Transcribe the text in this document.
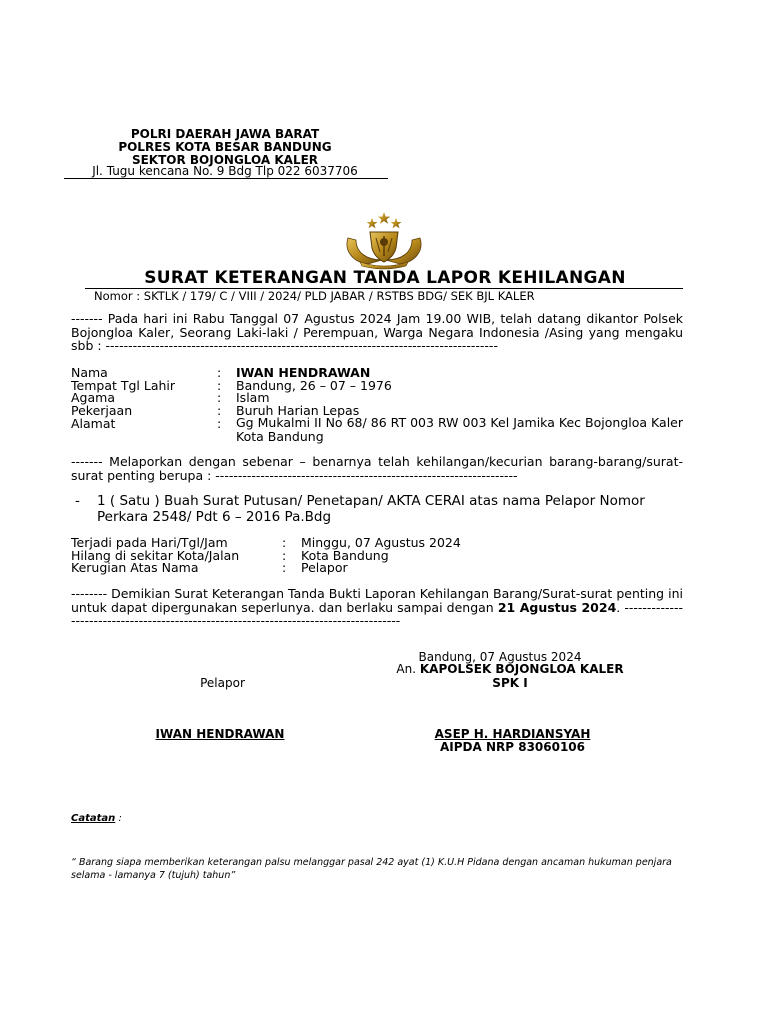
POLRI DAERAH JAWA BARAT
POLRES KOTA BESAR BANDUNG
SEKTOR BOJONGLOA KALER
Jl. Tugu kencana No. 9 Bdg Tlp 022 6037706
SURAT KETERANGAN TANDA LAPOR KEHILANGAN
Nomor : SKTLK / 179/ C / VIII / 2024/ PLD JABAR / RSTBS BDG/ SEK BJL KALER
------- Pada hari ini Rabu Tanggal 07 Agustus 2024 Jam 19.00 WIB, telah datang dikantor Polsek Bojongloa Kaler, Seorang Laki-laki / Perempuan, Warga Negara Indonesia /Asing yang mengaku sbb : ---------------------------------------------------------------------------------------
Nama	: IWAN HENDRAWAN
Tempat Tgl Lahir	: Bandung, 26 – 07 – 1976
Agama	: Islam
Pekerjaan	: Buruh Harian Lepas
Alamat	: Gg Mukalmi II No 68/ 86 RT 003 RW 003 Kel Jamika Kec Bojongloa Kaler Kota Bandung
------- Melaporkan dengan sebenar – benarnya telah kehilangan/kecurian barang-barang/surat-surat penting berupa : -------------------------------------------------------------------
- 1 ( Satu ) Buah Surat Putusan/ Penetapan/ AKTA CERAI atas nama Pelapor Nomor Perkara 2548/ Pdt 6 – 2016 Pa.Bdg
Terjadi pada Hari/Tgl/Jam	: Minggu, 07 Agustus 2024
Hilang di sekitar Kota/Jalan	: Kota Bandung
Kerugian Atas Nama	: Pelapor
-------- Demikian Surat Keterangan Tanda Bukti Laporan Kehilangan Barang/Surat-surat penting ini untuk dapat dipergunakan seperlunya. dan berlaku sampai dengan 21 Agustus 2024. --------------------------------------------------------------------------------------
Bandung, 07 Agustus 2024
An. KAPOLSEK BOJONGLOA KALER
SPK I
Pelapor
IWAN HENDRAWAN	ASEP H. HARDIANSYAH
AIPDA NRP 83060106
Catatan :
“ Barang siapa memberikan keterangan palsu melanggar pasal 242 ayat (1) K.U.H Pidana dengan ancaman hukuman penjara selama - lamanya 7 (tujuh) tahun”
